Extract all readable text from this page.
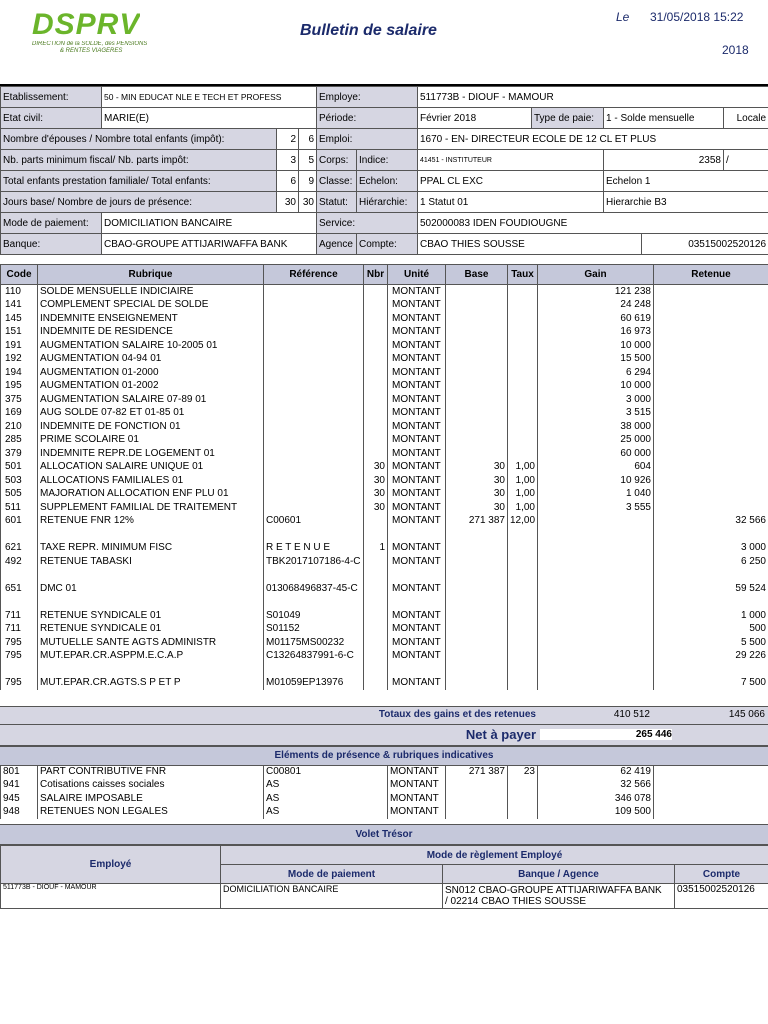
DSPRV
DIRECTION de la SOLDE, des PENSIONS
& RENTES VIAGERES
Bulletin de salaire
Le 31/05/2018 15:22
2018
Etablissement:	50 - MIN EDUCAT NLE E TECH ET PROFESS			Employe:		511773B - DIOUF - MAMOUR				
Etat civil:	MARIE(E)			Période:		Février 2018	Type de paie:	1 - Solde mensuelle		Locale
Nombre d'épouses / Nombre total enfants (impôt):		2	6	Emploi:		1670 - EN- DIRECTEUR ECOLE DE 12 CL ET PLUS				
Nb. parts minimum fiscal/ Nb. parts impôt:		3	5	Corps:	Indice:	41451 - INSTITUTEUR		2358		/
Total enfants prestation familiale/ Total enfants:		6	9	Classe:	Echelon:	PPAL CL EXC		Echelon 1		
Jours base/ Nombre de jours de présence:		30	30	Statut:	Hiérarchie:	1 Statut 01		Hierarchie B3		
Mode de paiement:	DOMICILIATION BANCAIRE			Service:		502000083 IDEN FOUDIOUGNE				
Banque:	CBAO-GROUPE ATTIJARIWAFFA BANK			Agence	Compte:	CBAO THIES SOUSSE			03515002520126	
Code	Rubrique	Référence	Nbr	Unité	Base	Taux	Gain	Retenue
110	SOLDE MENSUELLE INDICIAIRE			MONTANT			121 238	
141	COMPLEMENT SPECIAL DE SOLDE			MONTANT			24 248	
145	INDEMNITE ENSEIGNEMENT			MONTANT			60 619	
151	INDEMNITE DE RESIDENCE			MONTANT			16 973	
191	AUGMENTATION SALAIRE 10-2005 01			MONTANT			10 000	
192	AUGMENTATION 04-94 01			MONTANT			15 500	
194	AUGMENTATION 01-2000			MONTANT			6 294	
195	AUGMENTATION 01-2002			MONTANT			10 000	
375	AUGMENTATION SALAIRE 07-89 01			MONTANT			3 000	
169	AUG SOLDE 07-82 ET 01-85 01			MONTANT			3 515	
210	INDEMNITE DE FONCTION 01			MONTANT			38 000	
285	PRIME SCOLAIRE 01			MONTANT			25 000	
379	INDEMNITE REPR.DE LOGEMENT 01			MONTANT			60 000	
501	ALLOCATION SALAIRE UNIQUE 01		30	MONTANT	30	1,00	604	
503	ALLOCATIONS FAMILIALES 01		30	MONTANT	30	1,00	10 926	
505	MAJORATION ALLOCATION ENF PLU 01		30	MONTANT	30	1,00	1 040	
511	SUPPLEMENT FAMILIAL DE TRAITEMENT		30	MONTANT	30	1,00	3 555	
601	RETENUE FNR 12%	C00601		MONTANT	271 387	12,00		32 566

621	TAXE REPR. MINIMUM FISC	R E T E N U E	1	MONTANT				3 000
492	RETENUE TABASKI	TBK2017107186-4-C		MONTANT				6 250

651	DMC 01	013068496837-45-C		MONTANT				59 524

711	RETENUE SYNDICALE 01	S01049		MONTANT				1 000
711	RETENUE SYNDICALE 01	S01152		MONTANT				500
795	MUTUELLE SANTE AGTS ADMINISTR	M01175MS00232		MONTANT				5 500
795	MUT.EPAR.CR.ASPPM.E.C.A.P	C13264837991-6-C		MONTANT				29 226

795	MUT.EPAR.CR.AGTS.S P ET P	M01059EP13976		MONTANT				7 500
Totaux des gains et des retenues	410 512	145 066
Net à payer	265 446
Eléments de présence & rubriques indicatives
801	PART CONTRIBUTIVE FNR	C00801	MONTANT	271 387	23	62 419	
941	Cotisations caisses sociales	AS	MONTANT			32 566	
945	SALAIRE IMPOSABLE	AS	MONTANT			346 078	
948	RETENUES NON LEGALES	AS	MONTANT			109 500	
Volet Trésor
Employé	Mode de règlement Employé		
	Mode de paiement	Banque / Agence	Compte
511773B - DIOUF - MAMOUR	DOMICILIATION BANCAIRE	SN012 CBAO-GROUPE ATTIJARIWAFFA BANK
/ 02214 CBAO THIES SOUSSE	03515002520126
